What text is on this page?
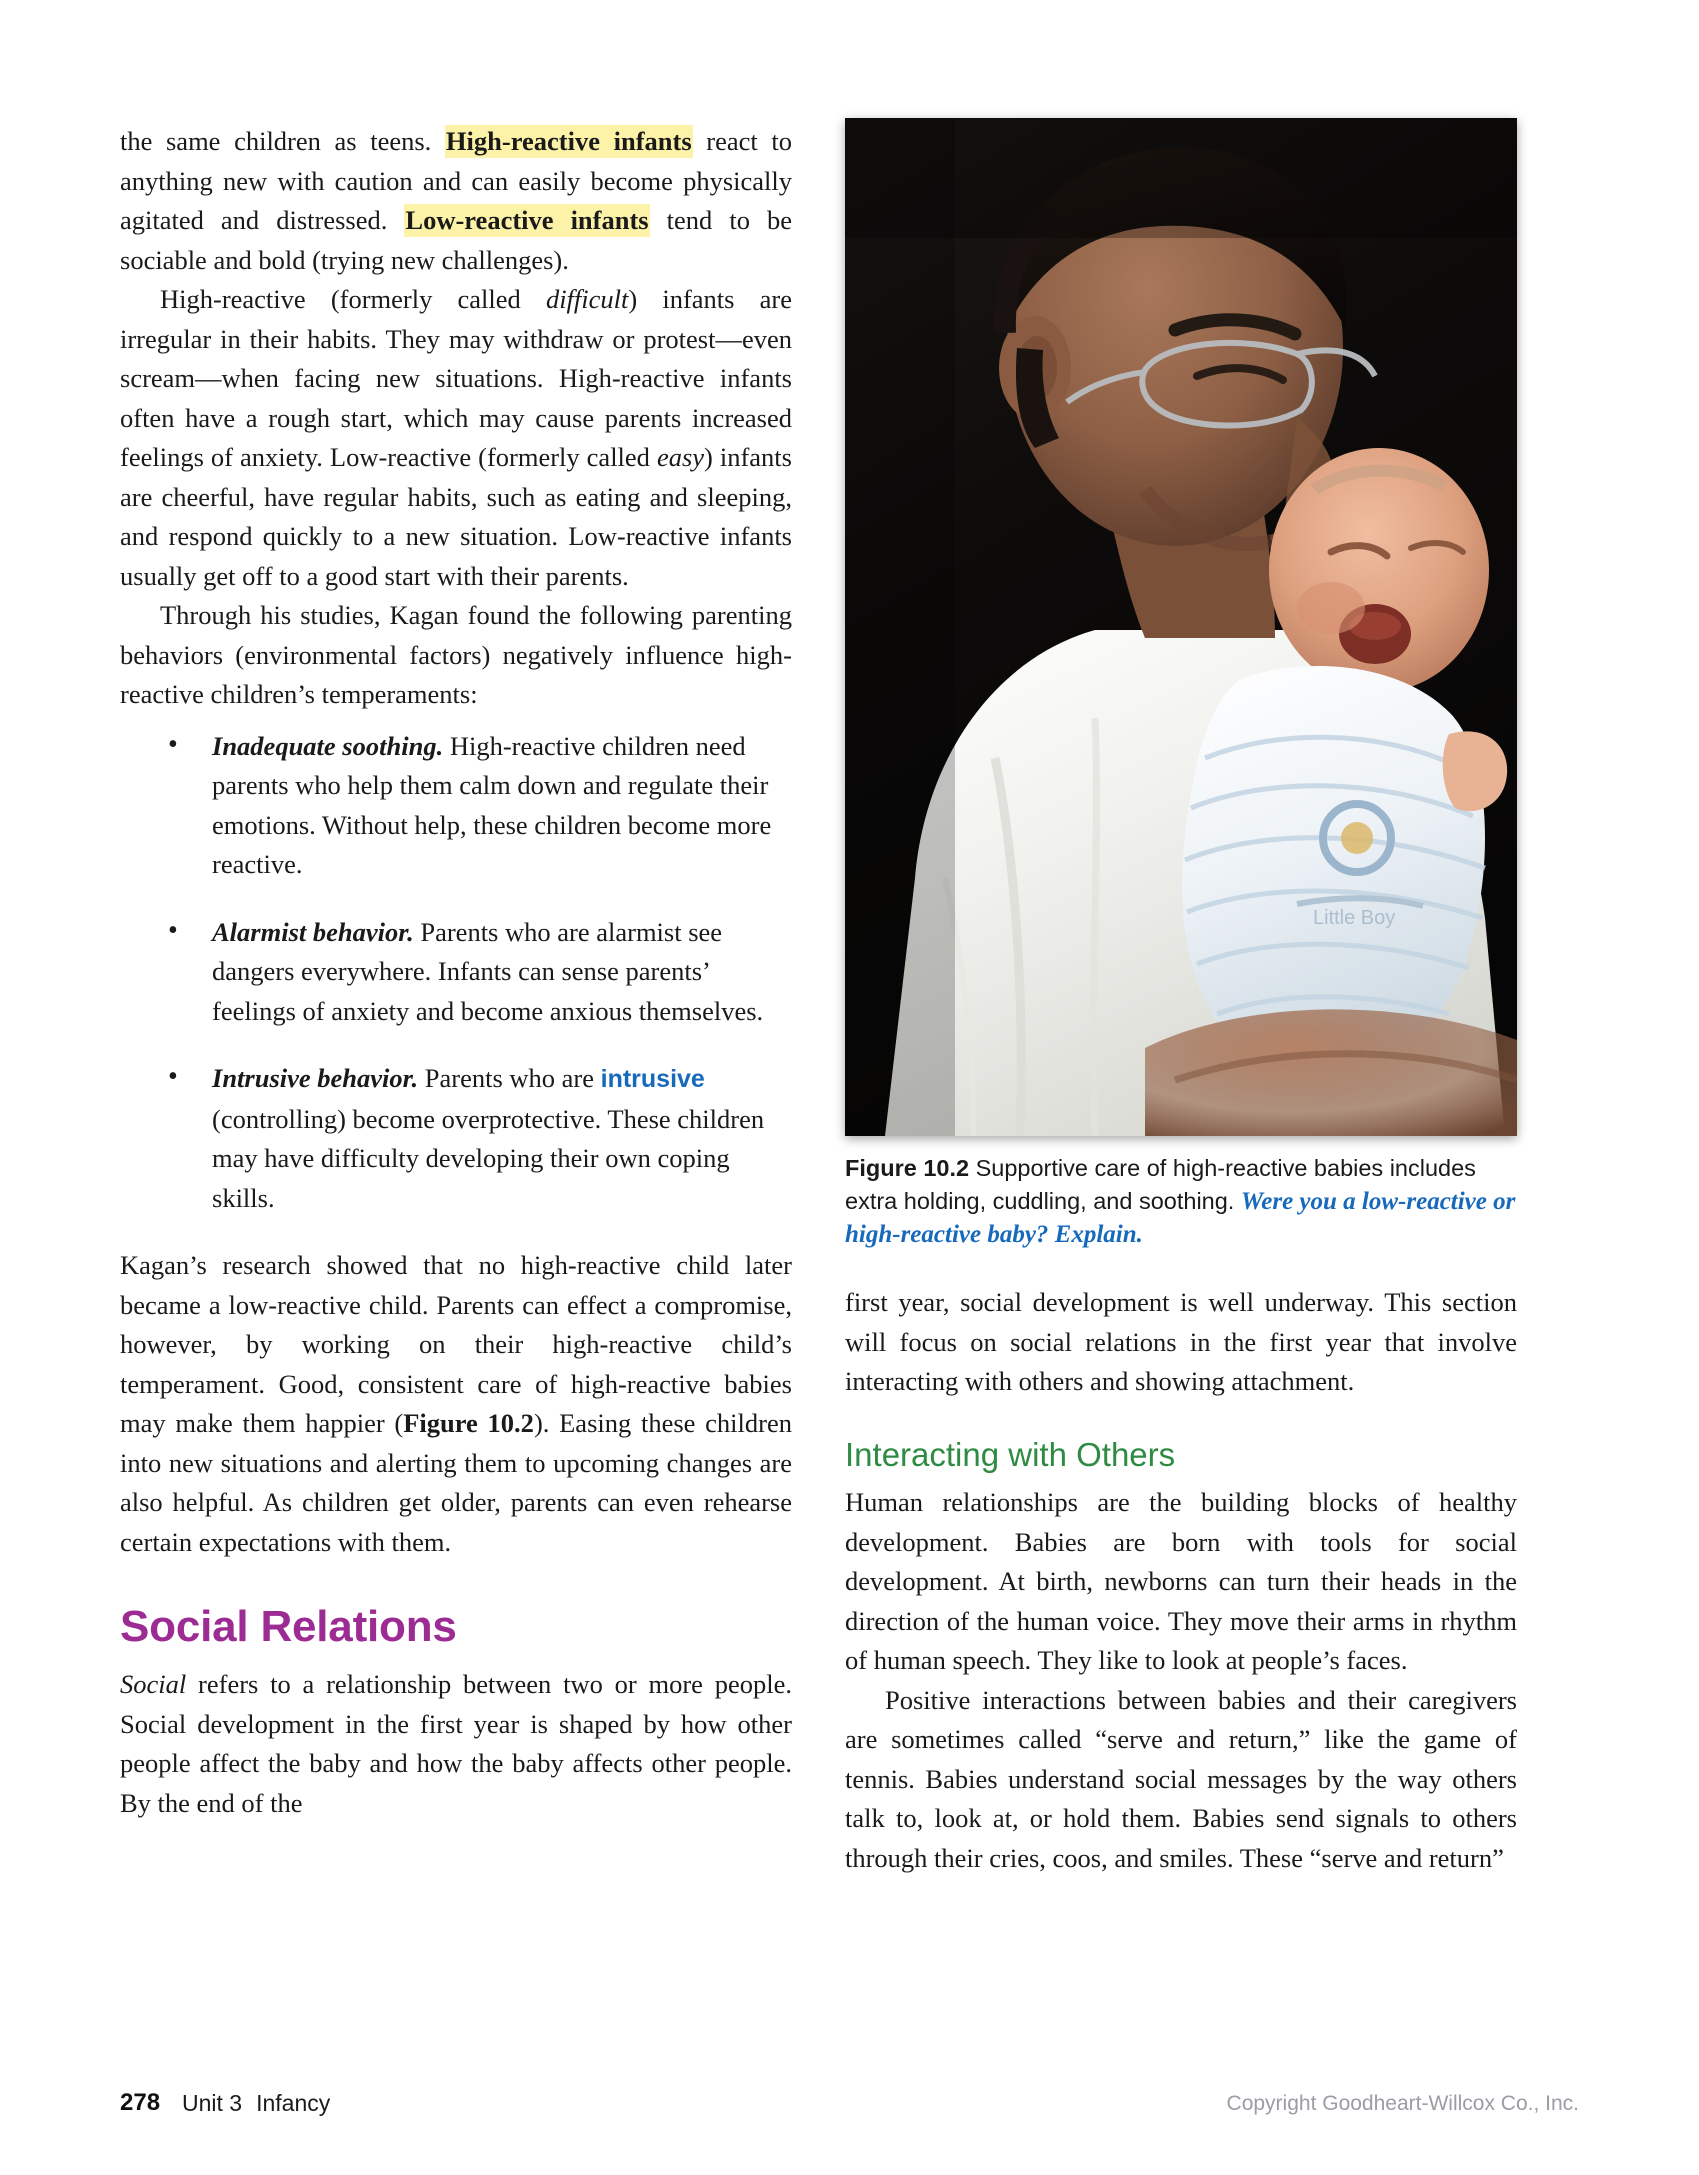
the same children as teens. High-reactive infants react to anything new with caution and can easily become physically agitated and distressed. Low-reactive infants tend to be sociable and bold (trying new challenges).

High-reactive (formerly called difficult) infants are irregular in their habits. They may withdraw or protest—even scream—when facing new situations. High-reactive infants often have a rough start, which may cause parents increased feelings of anxiety. Low-reactive (formerly called easy) infants are cheerful, have regular habits, such as eating and sleeping, and respond quickly to a new situation. Low-reactive infants usually get off to a good start with their parents.

Through his studies, Kagan found the following parenting behaviors (environmental factors) negatively influence high-reactive children’s temperaments:

• Inadequate soothing. High-reactive children need parents who help them calm down and regulate their emotions. Without help, these children become more reactive.
• Alarmist behavior. Parents who are alarmist see dangers everywhere. Infants can sense parents’ feelings of anxiety and become anxious themselves.
• Intrusive behavior. Parents who are intrusive (controlling) become overprotective. These children may have difficulty developing their own coping skills.

Kagan’s research showed that no high-reactive child later became a low-reactive child. Parents can effect a compromise, however, by working on their high-reactive child’s temperament. Good, consistent care of high-reactive babies may make them happier (Figure 10.2). Easing these children into new situations and alerting them to upcoming changes are also helpful. As children get older, parents can even rehearse certain expectations with them.

Social Relations

Social refers to a relationship between two or more people. Social development in the first year is shaped by how other people affect the baby and how the baby affects other people. By the end of the

Little Boy
Figure 10.2 Supportive care of high-reactive babies includes extra holding, cuddling, and soothing. Were you a low-reactive or high-reactive baby? Explain.

first year, social development is well underway. This section will focus on social relations in the first year that involve interacting with others and showing attachment.

Interacting with Others

Human relationships are the building blocks of healthy development. Babies are born with tools for social development. At birth, newborns can turn their heads in the direction of the human voice. They move their arms in rhythm of human speech. They like to look at people’s faces.

Positive interactions between babies and their caregivers are sometimes called “serve and return,” like the game of tennis. Babies understand social messages by the way others talk to, look at, or hold them. Babies send signals to others through their cries, coos, and smiles. These “serve and return”

278 Unit 3 Infancy	Copyright Goodheart-Willcox Co., Inc.
